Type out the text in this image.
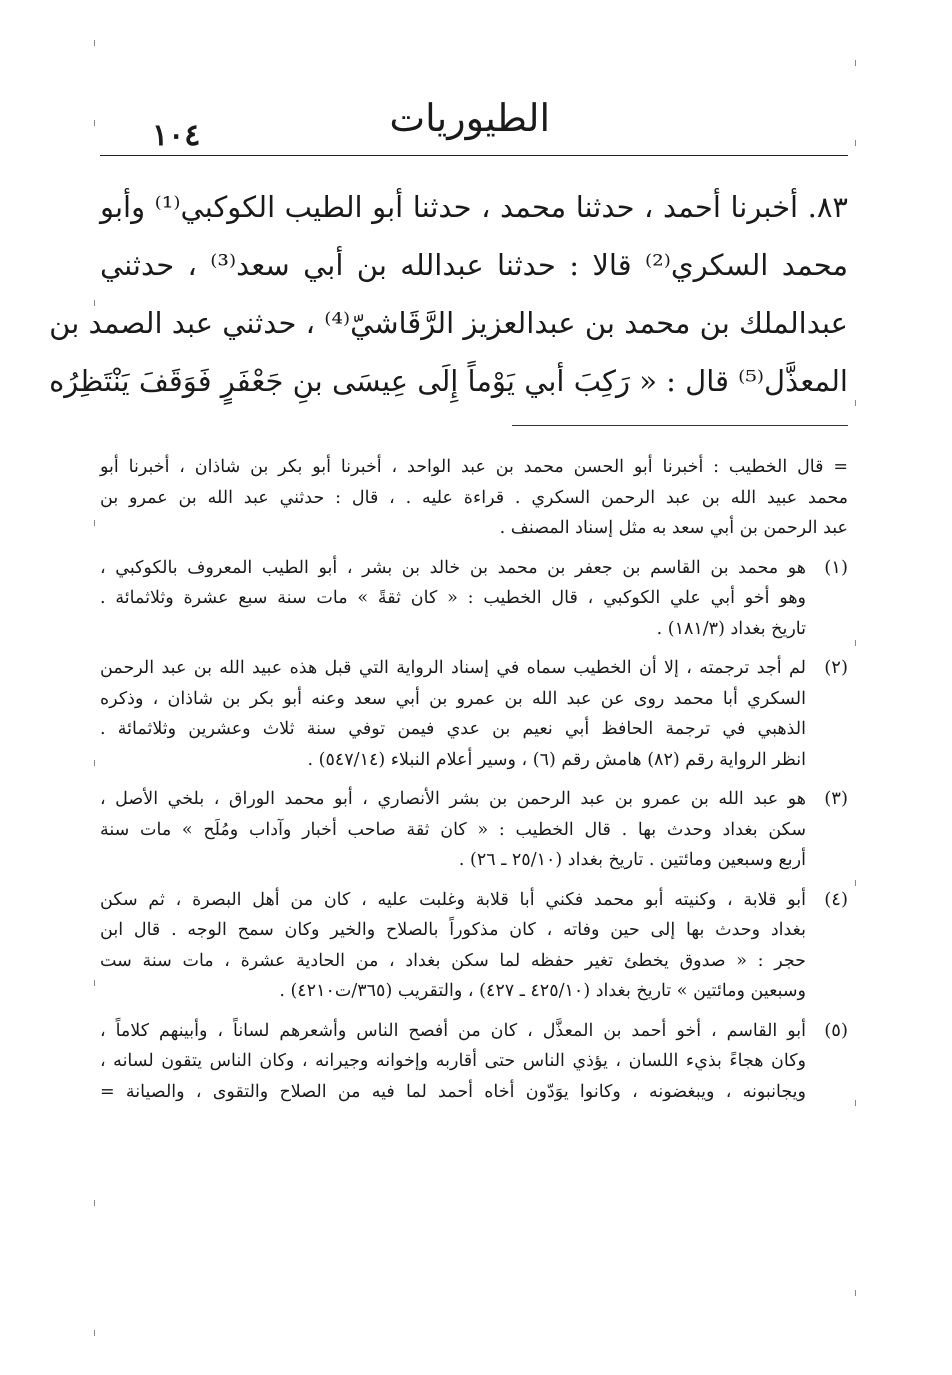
١٠٤	الطيوريات
٨٣. أخبرنا أحمد ، حدثنا محمد ، حدثنا أبو الطيب الكوكبي⁽¹⁾ وأبو
محمد السكري⁽²⁾ قالا : حدثنا عبدالله بن أبي سعد⁽³⁾ ، حدثني
عبدالملك بن محمد بن عبدالعزيز الرَّقَاشيّ⁽⁴⁾ ، حدثني عبد الصمد بن
المعذَّل⁽⁵⁾ قال : « رَكِبَ أبي يَوْماً إِلَى عِيسَى بنِ جَعْفَرٍ فَوَقَفَ يَنْتَظِرُه
= قال الخطيب : أخبرنا أبو الحسن محمد بن عبد الواحد ، أخبرنا أبو بكر بن شاذان ، أخبرنا أبو
محمد عبيد الله بن عبد الرحمن السكري . قراءة عليه . ، قال : حدثني عبد الله بن عمرو بن
عبد الرحمن بن أبي سعد به مثل إسناد المصنف .
(١)
هو محمد بن القاسم بن جعفر بن محمد بن خالد بن بشر ، أبو الطيب المعروف بالكوكبي ،
وهو أخو أبي علي الكوكبي ، قال الخطيب : « كان ثقةً » مات سنة سبع عشرة وثلاثمائة .
تاريخ بغداد (١٨١/٣) .
(٢)
لم أجد ترجمته ، إلا أن الخطيب سماه في إسناد الرواية التي قبل هذه عبيد الله بن عبد الرحمن
السكري أبا محمد روى عن عبد الله بن عمرو بن أبي سعد وعنه أبو بكر بن شاذان ، وذكره
الذهبي في ترجمة الحافظ أبي نعيم بن عدي فيمن توفي سنة ثلاث وعشرين وثلاثمائة .
انظر الرواية رقم (٨٢) هامش رقم (٦) ، وسير أعلام النبلاء (٥٤٧/١٤) .
(٣)
هو عبد الله بن عمرو بن عبد الرحمن بن بشر الأنصاري ، أبو محمد الوراق ، بلخي الأصل ،
سكن بغداد وحدث بها . قال الخطيب : « كان ثقة صاحب أخبار وآداب ومُلَح » مات سنة
أربع وسبعين ومائتين . تاريخ بغداد (٢٥/١٠ ـ ٢٦) .
(٤)
أبو قلابة ، وكنيته أبو محمد فكني أبا قلابة وغلبت عليه ، كان من أهل البصرة ، ثم سكن
بغداد وحدث بها إلى حين وفاته ، كان مذكوراً بالصلاح والخير وكان سمح الوجه . قال ابن
حجر : « صدوق يخطئ تغير حفظه لما سكن بغداد ، من الحادية عشرة ، مات سنة ست
وسبعين ومائتين » تاريخ بغداد (٤٢٥/١٠ ـ ٤٢٧) ، والتقريب (٣٦٥/ت٤٢١٠) .
(٥)
أبو القاسم ، أخو أحمد بن المعذَّل ، كان من أفصح الناس وأشعرهم لساناً ، وأبينهم كلاماً ،
وكان هجاءً بذيء اللسان ، يؤذي الناس حتى أقاربه وإخوانه وجيرانه ، وكان الناس يتقون لسانه ،
ويجانبونه ، ويبغضونه ، وكانوا يوَدّون أخاه أحمد لما فيه من الصلاح والتقوى ، والصيانة =
